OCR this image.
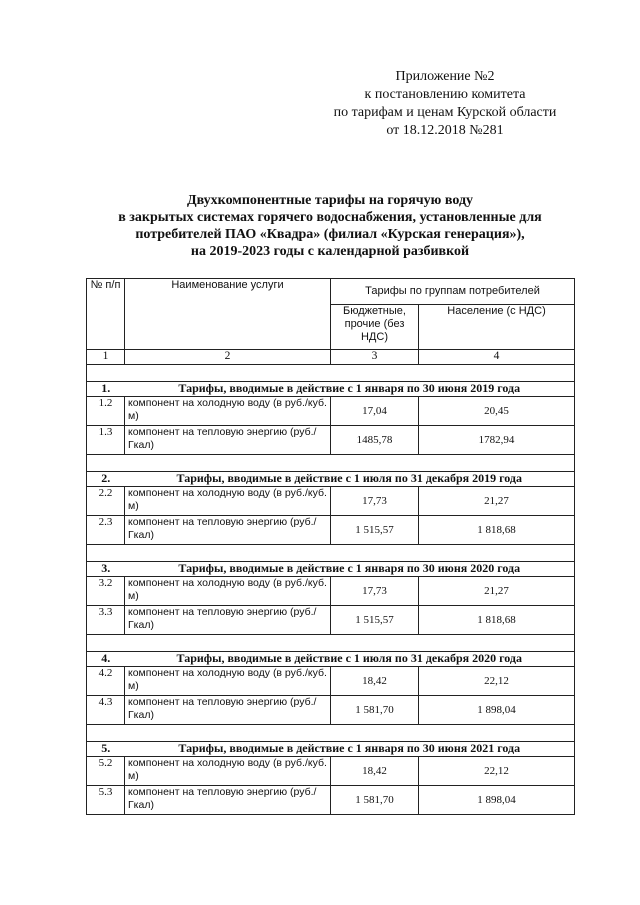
Приложение №2
к постановлению комитета
по тарифам и ценам Курской области
от 18.12.2018 №281
Двухкомпонентные тарифы на горячую воду
в закрытых системах горячего водоснабжения, установленные для
потребителей ПАО «Квадра» (филиал «Курская генерация»),
на 2019-2023 годы с календарной разбивкой
№ п/п	Наименование услуги	Тарифы по группам потребителей	
		Бюджетные, прочие (без НДС)	Население (с НДС)
1	2	3	4

1.	Тарифы, вводимые в действие с 1 января по 30 июня 2019 года		
1.2	компонент на холодную воду (в руб./куб. м)	17,04	20,45
1.3	компонент на тепловую энергию (руб./Гкал)	1485,78	1782,94

2.	Тарифы, вводимые в действие с 1 июля по 31 декабря 2019 года		
2.2	компонент на холодную воду (в руб./куб. м)	17,73	21,27
2.3	компонент на тепловую энергию (руб./Гкал)	1 515,57	1 818,68

3.	Тарифы, вводимые в действие с 1 января по 30 июня 2020 года		
3.2	компонент на холодную воду (в руб./куб. м)	17,73	21,27
3.3	компонент на тепловую энергию (руб./Гкал)	1 515,57	1 818,68

4.	Тарифы, вводимые в действие с 1 июля по 31 декабря 2020 года		
4.2	компонент на холодную воду (в руб./куб. м)	18,42	22,12
4.3	компонент на тепловую энергию (руб./Гкал)	1 581,70	1 898,04

5.	Тарифы, вводимые в действие с 1 января по 30 июня 2021 года		
5.2	компонент на холодную воду (в руб./куб. м)	18,42	22,12
5.3	компонент на тепловую энергию (руб./Гкал)	1 581,70	1 898,04
